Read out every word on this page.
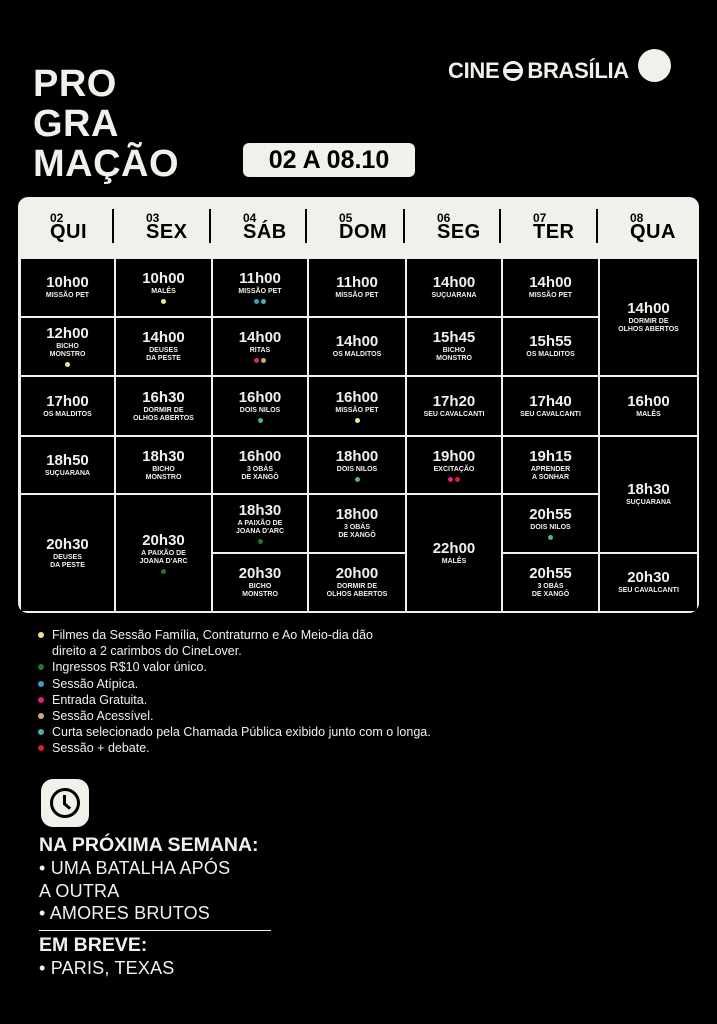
PRO
GRA
MAÇÃO	02 A 08.10
CINE BRASÍLIA
02
QUI
03
SEX
04
SÁB
05
DOM
06
SEG
07
TER
08
QUA
10h00
MISSÃO PET
12h00
BICHO
MONSTRO
17h00
OS MALDITOS
18h50
SUÇUARANA
20h30
DEUSES
DA PESTE
10h00
MALÊS
14h00
DEUSES
DA PESTE
16h30
DORMIR DE
OLHOS ABERTOS
18h30
BICHO
MONSTRO
20h30
A PAIXÃO DE
JOANA D'ARC
11h00
MISSÃO PET
14h00
RITAS
16h00
DOIS NILOS
16h00
3 OBÁS
DE XANGÔ
18h30
A PAIXÃO DE
JOANA D'ARC
20h30
BICHO
MONSTRO
11h00
MISSÃO PET
14h00
OS MALDITOS
16h00
MISSÃO PET
18h00
DOIS NILOS
18h00
3 OBÁS
DE XANGÔ
20h00
DORMIR DE
OLHOS ABERTOS
14h00
SUÇUARANA
15h45
BICHO
MONSTRO
17h20
SEU CAVALCANTI
19h00
EXCITAÇÃO
22h00
MALÊS
14h00
MISSÃO PET
15h55
OS MALDITOS
17h40
SEU CAVALCANTI
19h15
APRENDER
A SONHAR
20h55
DOIS NILOS
20h55
3 OBÁS
DE XANGÔ
14h00
DORMIR DE
OLHOS ABERTOS
16h00
MALÊS
18h30
SUÇUARANA
20h30
SEU CAVALCANTI
Filmes da Sessão Família, Contraturno e Ao Meio-dia dão
direito a 2 carimbos do CineLover.
Ingressos R$10 valor único.
Sessão Atípica.
Entrada Gratuita.
Sessão Acessível.
Curta selecionado pela Chamada Pública exibido junto com o longa.
Sessão + debate.
NA PRÓXIMA SEMANA:
• UMA BATALHA APÓS
A OUTRA
• AMORES BRUTOS
EM BREVE:
• PARIS, TEXAS
